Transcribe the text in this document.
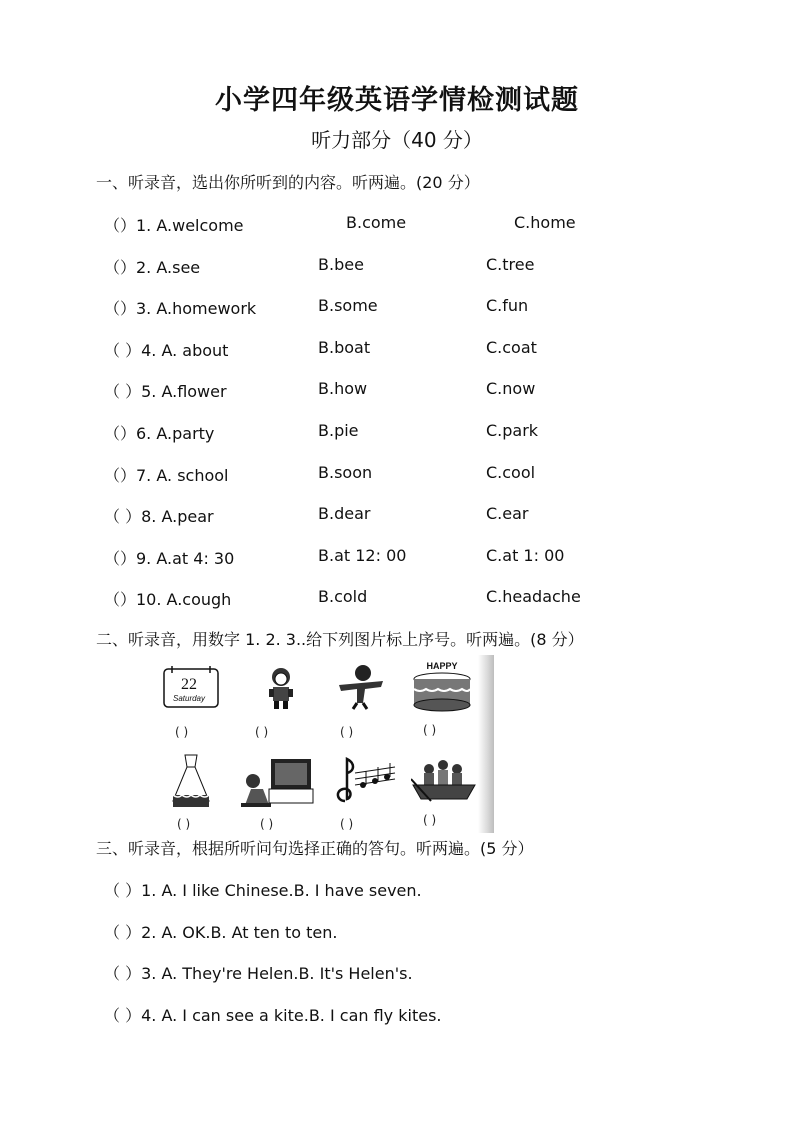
小学四年级英语学情检测试题
听力部分（40 分）
一、听录音，选出你所听到的内容。听两遍。(20 分）
（）1. A.welcome	B.come	C.home
（）2. A.see	B.bee	C.tree
（）3. A.homework	B.some	C.fun
（ ）4. A. about	B.boat	C.coat
（ ）5. A.flower	B.how	C.now
（）6. A.party	B.pie	C.park
（）7. A. school	B.soon	C.cool
（ ）8. A.pear	B.dear	C.ear
（）9. A.at 4: 30	B.at 12: 00	C.at 1: 00
（）10. A.cough	B.cold	C.headache
二、听录音，用数字 1. 2. 3..给下列图片标上序号。听两遍。(8 分）
22
Saturday
HAPPY
( )	( )	( )	( )
( )	( )	( )	( )
三、听录音，根据所听问句选择正确的答句。听两遍。(5 分）
（ ）1. A. I like Chinese.B. I have seven.
（ ）2. A. OK.B. At ten to ten.
（ ）3. A. They're Helen.B. It's Helen's.
（ ）4. A. I can see a kite.B. I can fly kites.
